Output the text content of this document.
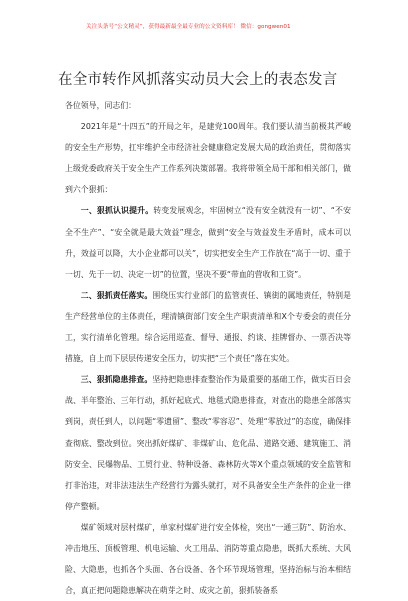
关注头条号“公文精灵”，获得最新最全最专业的公文资料库！ 微信：gongwen01
在全市转作风抓落实动员大会上的表态发言

各位领导，同志们：

2021年是“十四五”的开局之年，是建党100周年。我们要认清当前极其严峻的安全生产形势，扛牢维护全市经济社会健康稳定发展大局的政治责任，贯彻落实上级党委政府关于安全生产工作系列决策部署。我将带领全局干部和相关部门，做到六个狠抓：

一、狠抓认识提升。转变发展观念，牢固树立“没有安全就没有一切”、“不安全不生产”、“安全就是最大效益”理念，做到“安全与效益发生矛盾时，成本可以升，效益可以降，大小企业都可以关”，切实把安全生产工作放在“高于一切、重于一切、先于一切、决定一切”的位置，坚决不要“带血的营收和工资”。

二、狠抓责任落实。围绕压实行业部门的监管责任、镇街的属地责任，特别是生产经营单位的主体责任，理清镇街部门安全生产职责清单和X个专委会的责任分工，实行清单化管理。综合运用巡查、督导、通报、约谈、挂牌督办、一票否决等措施，自上而下层层传递安全压力，切实把“三个责任”落在实处。

三、狠抓隐患排查。坚持把隐患排查整治作为最重要的基础工作，做实百日会战、半年整治、三年行动，抓好起底式、地毯式隐患排查，对查出的隐患全部落实到岗，责任到人，以问题“零遗留”、整改“零容忍”、处理“零放过”的态度，确保排查彻底、整改到位。突出抓好煤矿、非煤矿山、危化品、道路交通、建筑施工、消防安全、民爆物品、工贸行业、特种设备、森林防火等X个重点领域的安全监管和打非治违，对非法违法生产经营行为露头就打，对不具备安全生产条件的企业一律停产整顿。

煤矿领域对层村煤矿，单家村煤矿进行安全体检，突出“一通三防”、防治水、冲击地压、顶板管理、机电运输、火工用品、消防等重点隐患，既抓大系统、大风险、大隐患，也抓各个头面、各台设备、各个环节现场管理，坚持治标与治本相结合，真正把问题隐患解决在萌芽之时、成灾之前，狠抓装备系
